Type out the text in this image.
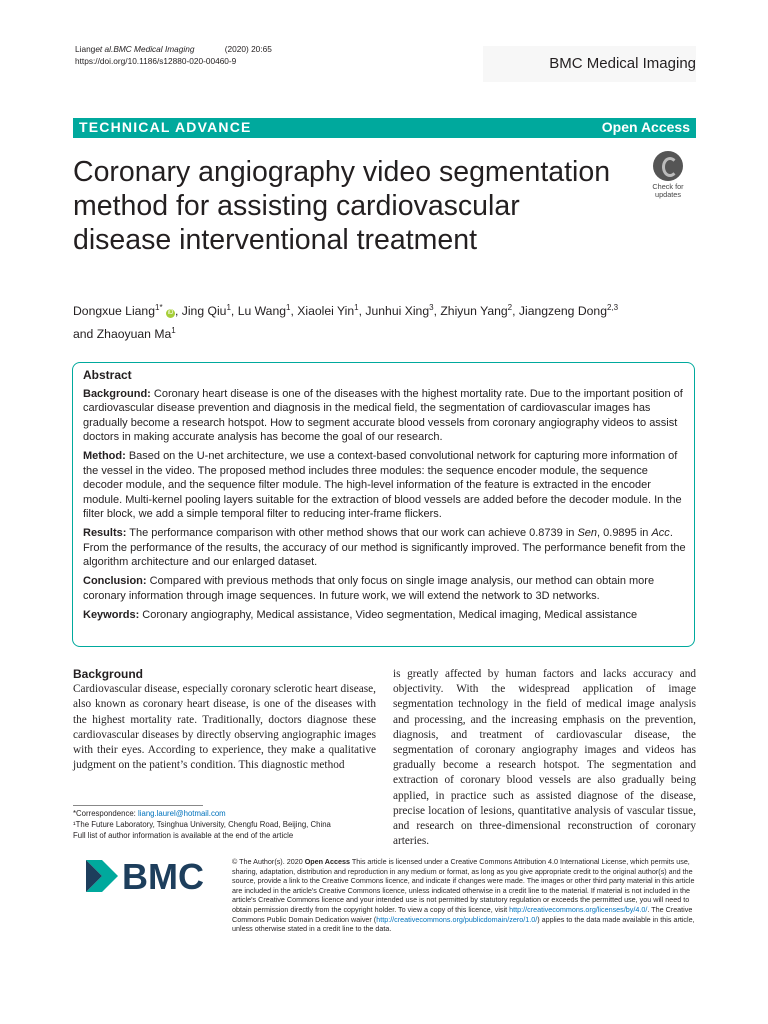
Lianget al.BMC Medical Imaging	(2020) 20:65
https://doi.org/10.1186/s12880-020-00460-9	BMC Medical Imaging
TECHNICAL ADVANCE	Open Access
Check for
updates
Coronary angiography video segmentation method for assisting cardiovascular disease interventional treatment
Dongxue Liang$^{1*}$ iD , Jing Qiu$^1$, Lu Wang$^1$, Xiaolei Yin$^1$, Junhui Xing$^3$, Zhiyun Yang$^2$, Jiangzeng Dong$^{2,3}$
and Zhaoyuan Ma$^1$
Abstract

Background: Coronary heart disease is one of the diseases with the highest mortality rate. Due to the important position of cardiovascular disease prevention and diagnosis in the medical field, the segmentation of cardiovascular images has gradually become a research hotspot. How to segment accurate blood vessels from coronary angiography videos to assist doctors in making accurate analysis has become the goal of our research.

Method: Based on the U-net architecture, we use a context-based convolutional network for capturing more information of the vessel in the video. The proposed method includes three modules: the sequence encoder module, the sequence decoder module, and the sequence filter module. The high-level information of the feature is extracted in the encoder module. Multi-kernel pooling layers suitable for the extraction of blood vessels are added before the decoder module. In the filter block, we add a simple temporal filter to reducing inter-frame flickers.

Results: The performance comparison with other method shows that our work can achieve 0.8739 in Sen, 0.9895 in Acc. From the performance of the results, the accuracy of our method is significantly improved. The performance benefit from the algorithm architecture and our enlarged dataset.

Conclusion: Compared with previous methods that only focus on single image analysis, our method can obtain more coronary information through image sequences. In future work, we will extend the network to 3D networks.

Keywords: Coronary angiography, Medical assistance, Video segmentation, Medical imaging, Medical assistance

Background
Cardiovascular disease, especially coronary sclerotic heart disease, also known as coronary heart disease, is one of the diseases with the highest mortality rate. Traditionally, doctors diagnose these cardiovascular diseases by directly observing angiographic images with their eyes. According to experience, they make a qualitative judgment on the patient’s condition. This diagnostic method
is greatly affected by human factors and lacks accuracy and objectivity. With the widespread application of image segmentation technology in the field of medical image analysis and processing, and the increasing emphasis on the prevention, diagnosis, and treatment of cardiovascular disease, the segmentation of coronary angiography images and videos has gradually become a research hotspot. The segmentation and extraction of coronary blood vessels are also gradually being applied, in practice such as assisted diagnose of the disease, precise location of lesions, quantitative analysis of vascular tissue, and research on three-dimensional reconstruction of coronary arteries.
*Correspondence: liang.laurel@hotmail.com
¹The Future Laboratory, Tsinghua University, Chengfu Road, Beijing, China
Full list of author information is available at the end of the article
BMC	© The Author(s). 2020 Open Access This article is licensed under a Creative Commons Attribution 4.0 International License, which permits use, sharing, adaptation, distribution and reproduction in any medium or format, as long as you give appropriate credit to the original author(s) and the source, provide a link to the Creative Commons licence, and indicate if changes were made. The images or other third party material in this article are included in the article's Creative Commons licence, unless indicated otherwise in a credit line to the material. If material is not included in the article's Creative Commons licence and your intended use is not permitted by statutory regulation or exceeds the permitted use, you will need to obtain permission directly from the copyright holder. To view a copy of this licence, visit http://creativecommons.org/licenses/by/4.0/. The Creative Commons Public Domain Dedication waiver (http://creativecommons.org/publicdomain/zero/1.0/) applies to the data made available in this article, unless otherwise stated in a credit line to the data.
